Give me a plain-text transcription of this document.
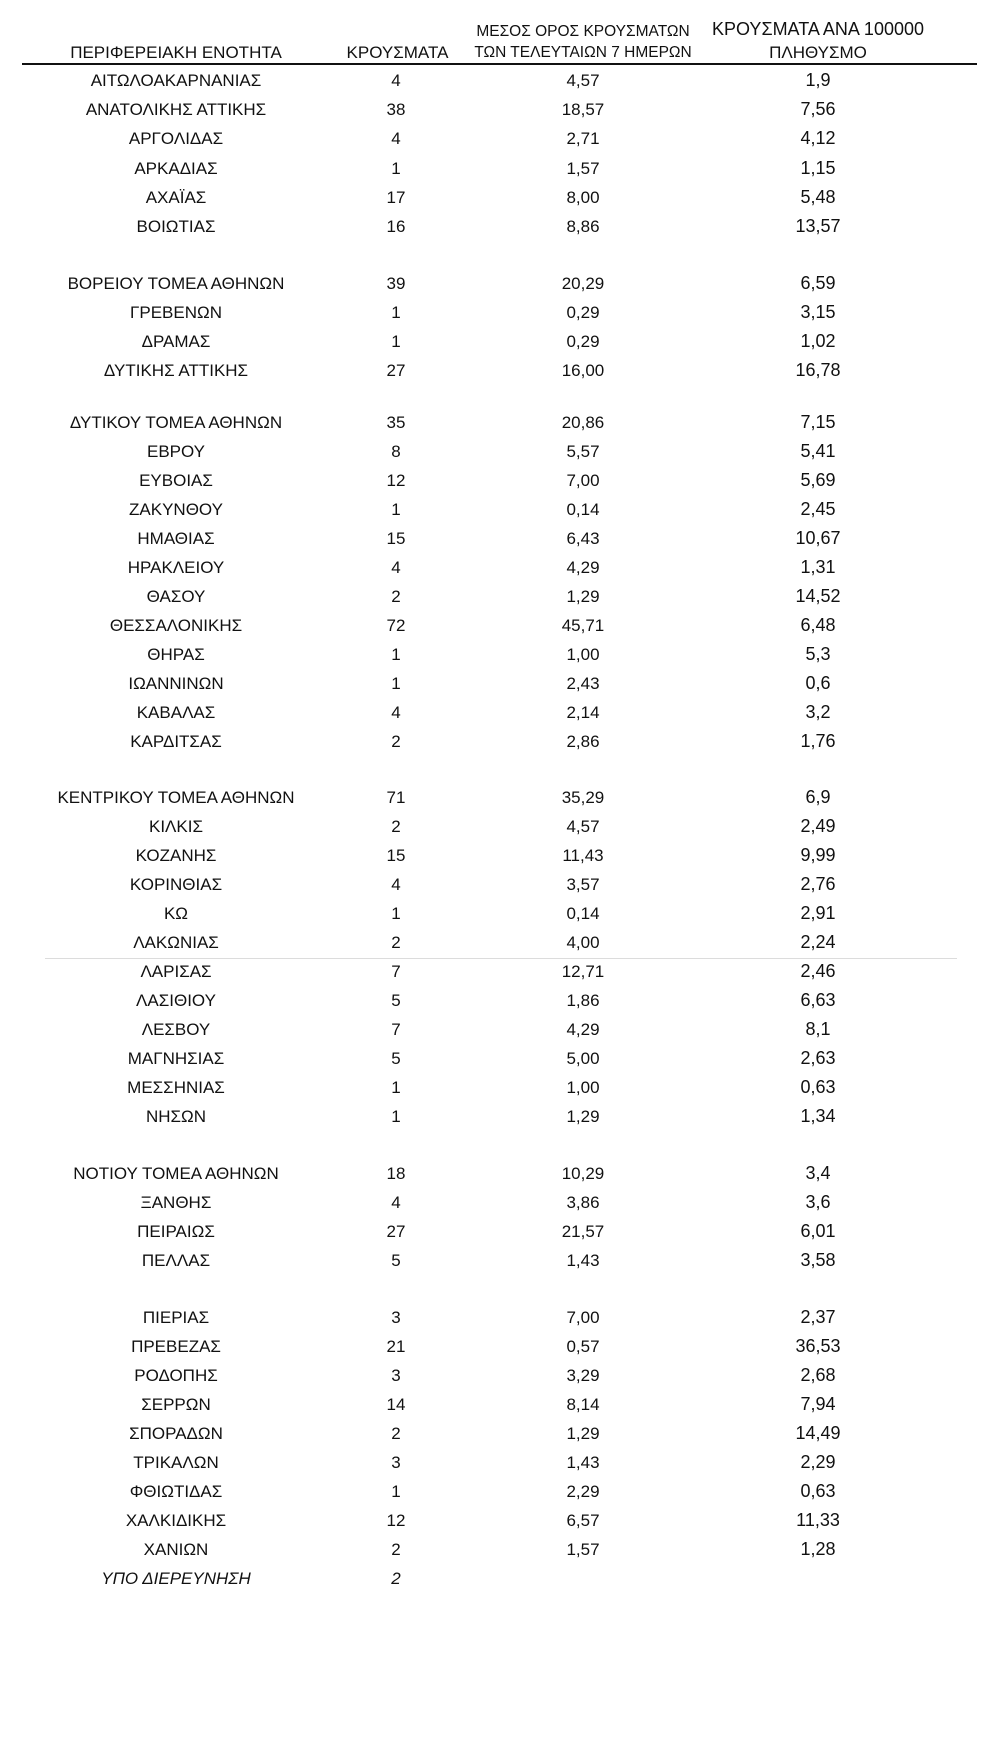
ΠΕΡΙΦΕΡΕΙΑΚΗ ΕΝΟΤΗΤΑ	ΚΡΟΥΣΜΑΤΑ
ΜΕΣΟΣ ΟΡΟΣ ΚΡΟΥΣΜΑΤΩΝ
ΤΩΝ ΤΕΛΕΥΤΑΙΩΝ 7 ΗΜΕΡΩΝ
ΚΡΟΥΣΜΑΤΑ ΑΝΑ 100000
ΠΛΗΘΥΣΜΟ
ΑΙΤΩΛΟΑΚΑΡΝΑΝΙΑΣ	4	4,57	1,9
ΑΝΑΤΟΛΙΚΗΣ ΑΤΤΙΚΗΣ	38	18,57	7,56
ΑΡΓΟΛΙΔΑΣ	4	2,71	4,12
ΑΡΚΑΔΙΑΣ	1	1,57	1,15
ΑΧΑΪΑΣ	17	8,00	5,48
ΒΟΙΩΤΙΑΣ	16	8,86	13,57
ΒΟΡΕΙΟΥ ΤΟΜΕΑ ΑΘΗΝΩΝ	39	20,29	6,59
ΓΡΕΒΕΝΩΝ	1	0,29	3,15
ΔΡΑΜΑΣ	1	0,29	1,02
ΔΥΤΙΚΗΣ ΑΤΤΙΚΗΣ	27	16,00	16,78
ΔΥΤΙΚΟΥ ΤΟΜΕΑ ΑΘΗΝΩΝ	35	20,86	7,15
ΕΒΡΟΥ	8	5,57	5,41
ΕΥΒΟΙΑΣ	12	7,00	5,69
ΖΑΚΥΝΘΟΥ	1	0,14	2,45
ΗΜΑΘΙΑΣ	15	6,43	10,67
ΗΡΑΚΛΕΙΟΥ	4	4,29	1,31
ΘΑΣΟΥ	2	1,29	14,52
ΘΕΣΣΑΛΟΝΙΚΗΣ	72	45,71	6,48
ΘΗΡΑΣ	1	1,00	5,3
ΙΩΑΝΝΙΝΩΝ	1	2,43	0,6
ΚΑΒΑΛΑΣ	4	2,14	3,2
ΚΑΡΔΙΤΣΑΣ	2	2,86	1,76
ΚΕΝΤΡΙΚΟΥ ΤΟΜΕΑ ΑΘΗΝΩΝ	71	35,29	6,9
ΚΙΛΚΙΣ	2	4,57	2,49
ΚΟΖΑΝΗΣ	15	11,43	9,99
ΚΟΡΙΝΘΙΑΣ	4	3,57	2,76
ΚΩ	1	0,14	2,91
ΛΑΚΩΝΙΑΣ	2	4,00	2,24
ΛΑΡΙΣΑΣ	7	12,71	2,46
ΛΑΣΙΘΙΟΥ	5	1,86	6,63
ΛΕΣΒΟΥ	7	4,29	8,1
ΜΑΓΝΗΣΙΑΣ	5	5,00	2,63
ΜΕΣΣΗΝΙΑΣ	1	1,00	0,63
ΝΗΣΩΝ	1	1,29	1,34
ΝΟΤΙΟΥ ΤΟΜΕΑ ΑΘΗΝΩΝ	18	10,29	3,4
ΞΑΝΘΗΣ	4	3,86	3,6
ΠΕΙΡΑΙΩΣ	27	21,57	6,01
ΠΕΛΛΑΣ	5	1,43	3,58
ΠΙΕΡΙΑΣ	3	7,00	2,37
ΠΡΕΒΕΖΑΣ	21	0,57	36,53
ΡΟΔΟΠΗΣ	3	3,29	2,68
ΣΕΡΡΩΝ	14	8,14	7,94
ΣΠΟΡΑΔΩΝ	2	1,29	14,49
ΤΡΙΚΑΛΩΝ	3	1,43	2,29
ΦΘΙΩΤΙΔΑΣ	1	2,29	0,63
ΧΑΛΚΙΔΙΚΗΣ	12	6,57	11,33
ΧΑΝΙΩΝ	2	1,57	1,28
ΥΠΟ ΔΙΕΡΕΥΝΗΣΗ	2
